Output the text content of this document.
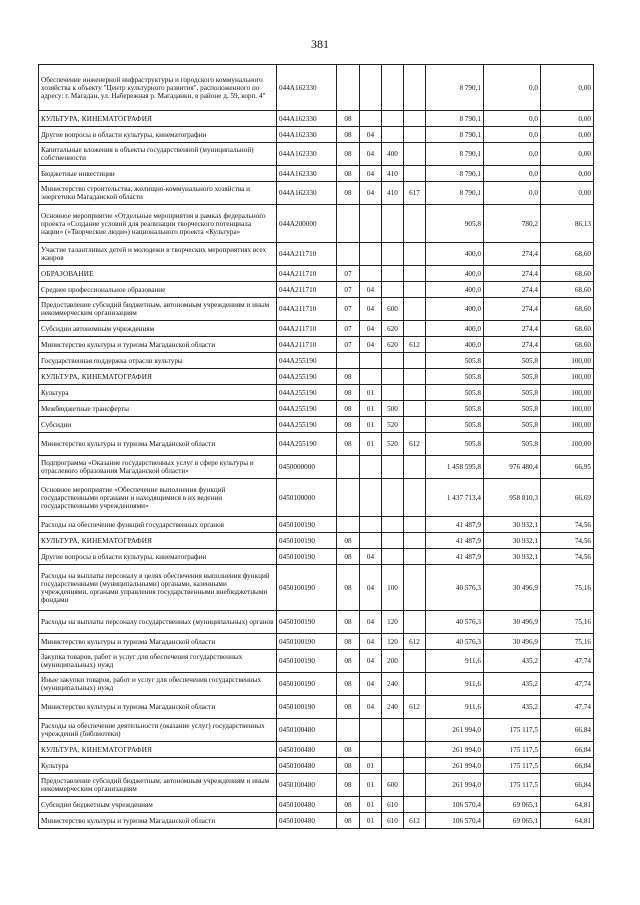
381
Обеспечение инженерной инфраструктуры и городского коммунального хозяйства к объекту "Центр культурного развития", расположенного по адресу: г. Магадан, ул. Набережная р. Магаданки, в районе д. 59, корп. 4"	044А162330					8 790,1	0,0	0,00
КУЛЬТУРА, КИНЕМАТОГРАФИЯ	044А162330	08				8 790,1	0,0	0,00
Другие вопросы в области культуры, кинематографии	044А162330	08	04			8 790,1	0,0	0,00
Капитальные вложения в объекты государственной (муниципальной) собственности	044А162330	08	04	400		8 790,1	0,0	0,00
Бюджетные инвестиции	044А162330	08	04	410		8 790,1	0,0	0,00
Министерство строительства, жилищно-коммунального хозяйства и энергетики Магаданской области	044А162330	08	04	410	617	8 790,1	0,0	0,00
Основное мероприятие «Отдельные мероприятия в рамках федерального проекта «Создание условий для реализации творческого потенциала нации» («Творческие люди») национального проекта «Культура»	044А200000					905,8	780,2	86,13
Участие талантливых детей и молодежи в творческих мероприятиях всех жанров	044А211710					400,0	274,4	68,60
ОБРАЗОВАНИЕ	044А211710	07				400,0	274,4	68,60
Среднее профессиональное образование	044А211710	07	04			400,0	274,4	68,60
Предоставление субсидий бюджетным, автономным учреждениям и иным некоммерческим организациям	044А211710	07	04	600		400,0	274,4	68,60
Субсидии автономным учреждениям	044А211710	07	04	620		400,0	274,4	68,60
Министерство культуры и туризма Магаданской области	044А211710	07	04	620	612	400,0	274,4	68,60
Государственная поддержка отрасли культуры	044А255190					505,8	505,8	100,00
КУЛЬТУРА, КИНЕМАТОГРАФИЯ	044А255190	08				505,8	505,8	100,00
Культура	044А255190	08	01			505,8	505,8	100,00
Межбюджетные трансферты	044А255190	08	01	500		505,8	505,8	100,00
Субсидии	044А255190	08	01	520		505,8	505,8	100,00
Министерство культуры и туризма Магаданской области	044А255190	08	01	520	612	505,8	505,8	100,00
Подпрограмма «Оказание государственных услуг в сфере культуры и отраслевого образования Магаданской области»	0450000000					1 458 595,8	976 480,4	66,95
Основное мероприятие «Обеспечение выполнения функций государственными органами и находящимися в их ведении государственными учреждениями»	0450100000					1 437 713,4	958 810,3	66,69
Расходы на обеспечение функций государственных органов	0450100190					41 487,9	30 932,1	74,56
КУЛЬТУРА, КИНЕМАТОГРАФИЯ	0450100190	08				41 487,9	30 932,1	74,56
Другие вопросы в области культуры, кинематографии	0450100190	08	04			41 487,9	30 932,1	74,56
Расходы на выплаты персоналу в целях обеспечения выполнения функций государственными (муниципальными) органами, казенными учреждениями, органами управления государственными внебюджетными фондами	0450100190	08	04	100		40 576,3	30 496,9	75,16
Расходы на выплаты персоналу государственных (муниципальных) органов	0450100190	08	04	120		40 576,3	30 496,9	75,16
Министерство культуры и туризма Магаданской области	0450100190	08	04	120	612	40 576,3	30 496,9	75,16
Закупка товаров, работ и услуг для обеспечения государственных (муниципальных) нужд	0450100190	08	04	200		911,6	435,2	47,74
Иные закупки товаров, работ и услуг для обеспечения государственных (муниципальных) нужд	0450100190	08	04	240		911,6	435,2	47,74
Министерство культуры и туризма Магаданской области	0450100190	08	04	240	612	911,6	435,2	47,74
Расходы на обеспечение деятельности (оказание услуг) государственных учреждений (библиотеки)	0450100480					261 994,0	175 117,5	66,84
КУЛЬТУРА, КИНЕМАТОГРАФИЯ	0450100480	08				261 994,0	175 117,5	66,84
Культура	0450100480	08	01			261 994,0	175 117,5	66,84
Предоставление субсидий бюджетным, автономным учреждениям и иным некоммерческим организациям	0450100480	08	01	600		261 994,0	175 117,5	66,84
Субсидии бюджетным учреждениям	0450100480	08	01	610		106 570,4	69 065,1	64,81
Министерство культуры и туризма Магаданской области	0450100480	08	01	610	612	106 570,4	69 065,1	64,81
